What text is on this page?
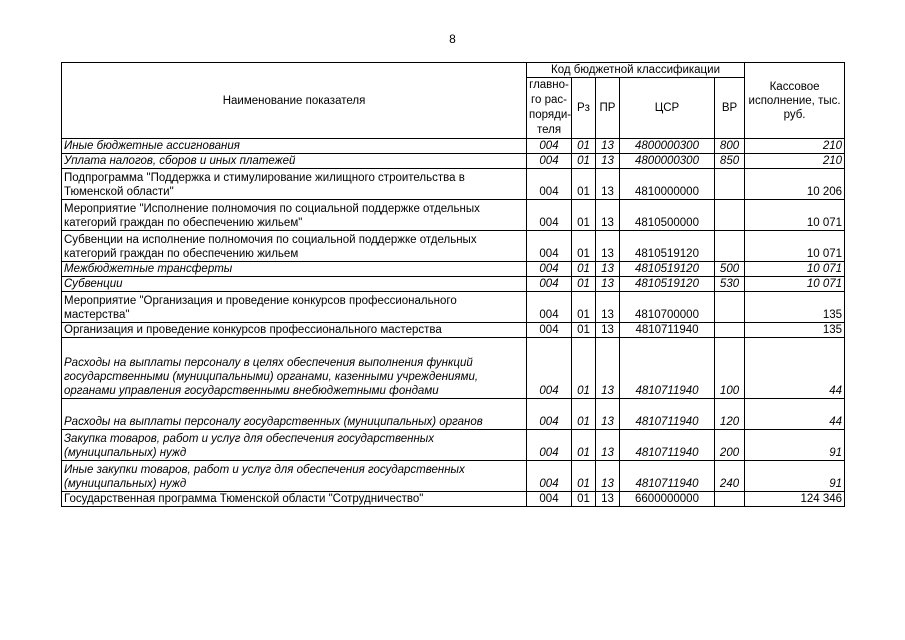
8
Наименование показателя	Код бюджетной классификации					Кассовое исполнение, тыс. руб.
	главно-го рас-поряди-теля	Рз	ПР	ЦСР	ВР	
Иные бюджетные ассигнования	004	01	13	4800000300	800	210
Уплата налогов, сборов и иных платежей	004	01	13	4800000300	850	210
Подпрограмма "Поддержка и стимулирование жилищного строительства в Тюменской области"	004	01	13	4810000000		10 206
Мероприятие "Исполнение полномочия по социальной поддержке отдельных категорий граждан по обеспечению жильем"	004	01	13	4810500000		10 071
Субвенции на исполнение полномочия по социальной поддержке отдельных категорий граждан по обеспечению жильем	004	01	13	4810519120		10 071
Межбюджетные трансферты	004	01	13	4810519120	500	10 071
Субвенции	004	01	13	4810519120	530	10 071
Мероприятие "Организация и проведение конкурсов профессионального мастерства"	004	01	13	4810700000		135
Организация и проведение конкурсов профессионального мастерства	004	01	13	4810711940		135
Расходы на выплаты персоналу в целях обеспечения выполнения функций государственными (муниципальными) органами, казенными учреждениями, органами управления государственными внебюджетными фондами	004	01	13	4810711940	100	44
Расходы на выплаты персоналу государственных (муниципальных) органов	004	01	13	4810711940	120	44
Закупка товаров, работ и услуг для обеспечения государственных (муниципальных) нужд	004	01	13	4810711940	200	91
Иные закупки товаров, работ и услуг для обеспечения государственных (муниципальных) нужд	004	01	13	4810711940	240	91
Государственная программа Тюменской области "Сотрудничество"	004	01	13	6600000000		124 346
